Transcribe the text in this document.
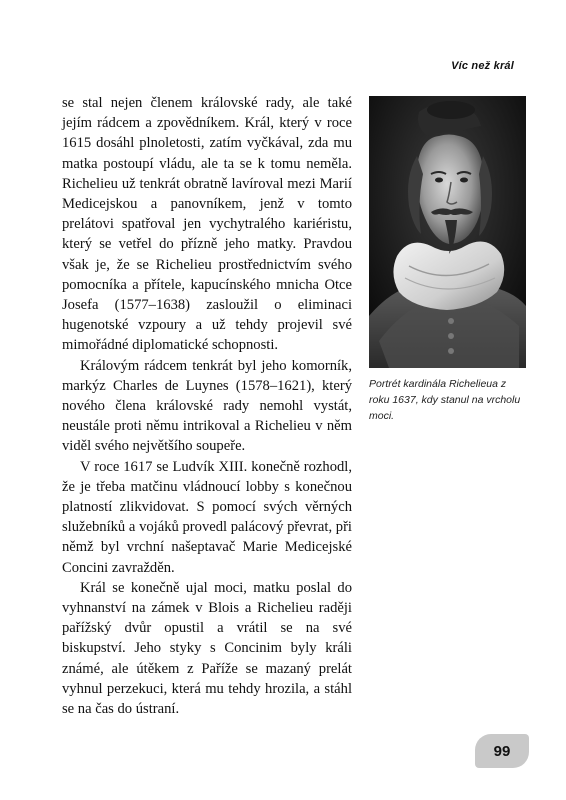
Víc než král

se stal nejen členem královské rady, ale také jejím rádcem a zpovědníkem. Král, který v roce 1615 dosáhl plnoletosti, zatím vyčkával, zda mu matka postoupí vládu, ale ta se k tomu neměla. Richelieu už tenkrát obratně lavíroval mezi Marií Medicejskou a panovníkem, jenž v tomto prelátovi spatřoval jen vychytralého kariéristu, který se vetřel do přízně jeho matky. Pravdou však je, že se Richelieu prostřednictvím svého pomocníka a přítele, kapucínského mnicha Otce Josefa (1577–1638) zasloužil o eliminaci hugenotské vzpoury a už tehdy projevil své mimořádné diplomatické schopnosti.

Královým rádcem tenkrát byl jeho komorník, markýz Charles de Luynes (1578–1621), který nového člena královské rady nemohl vystát, neustále proti němu intrikoval a Richelieu v něm viděl svého největšího soupeře.

V roce 1617 se Ludvík XIII. konečně rozhodl, že je třeba matčinu vládnoucí lobby s konečnou platností zlikvidovat. S pomocí svých věrných služebníků a vojáků provedl palácový převrat, při němž byl vrchní našeptavač Marie Medicejské Concini zavražděn.

Král se konečně ujal moci, matku poslal do vyhnanství na zámek v Blois a Richelieu raději pařížský dvůr opustil a vrátil se na své biskupství. Jeho styky s Concinim byly králi známé, ale útěkem z Paříže se mazaný prelát vyhnul perzekuci, která mu tehdy hrozila, a stáhl se na čas do ústraní.

Portrét kardinála Richelieua z roku 1637, kdy stanul na vrcholu moci.
99
